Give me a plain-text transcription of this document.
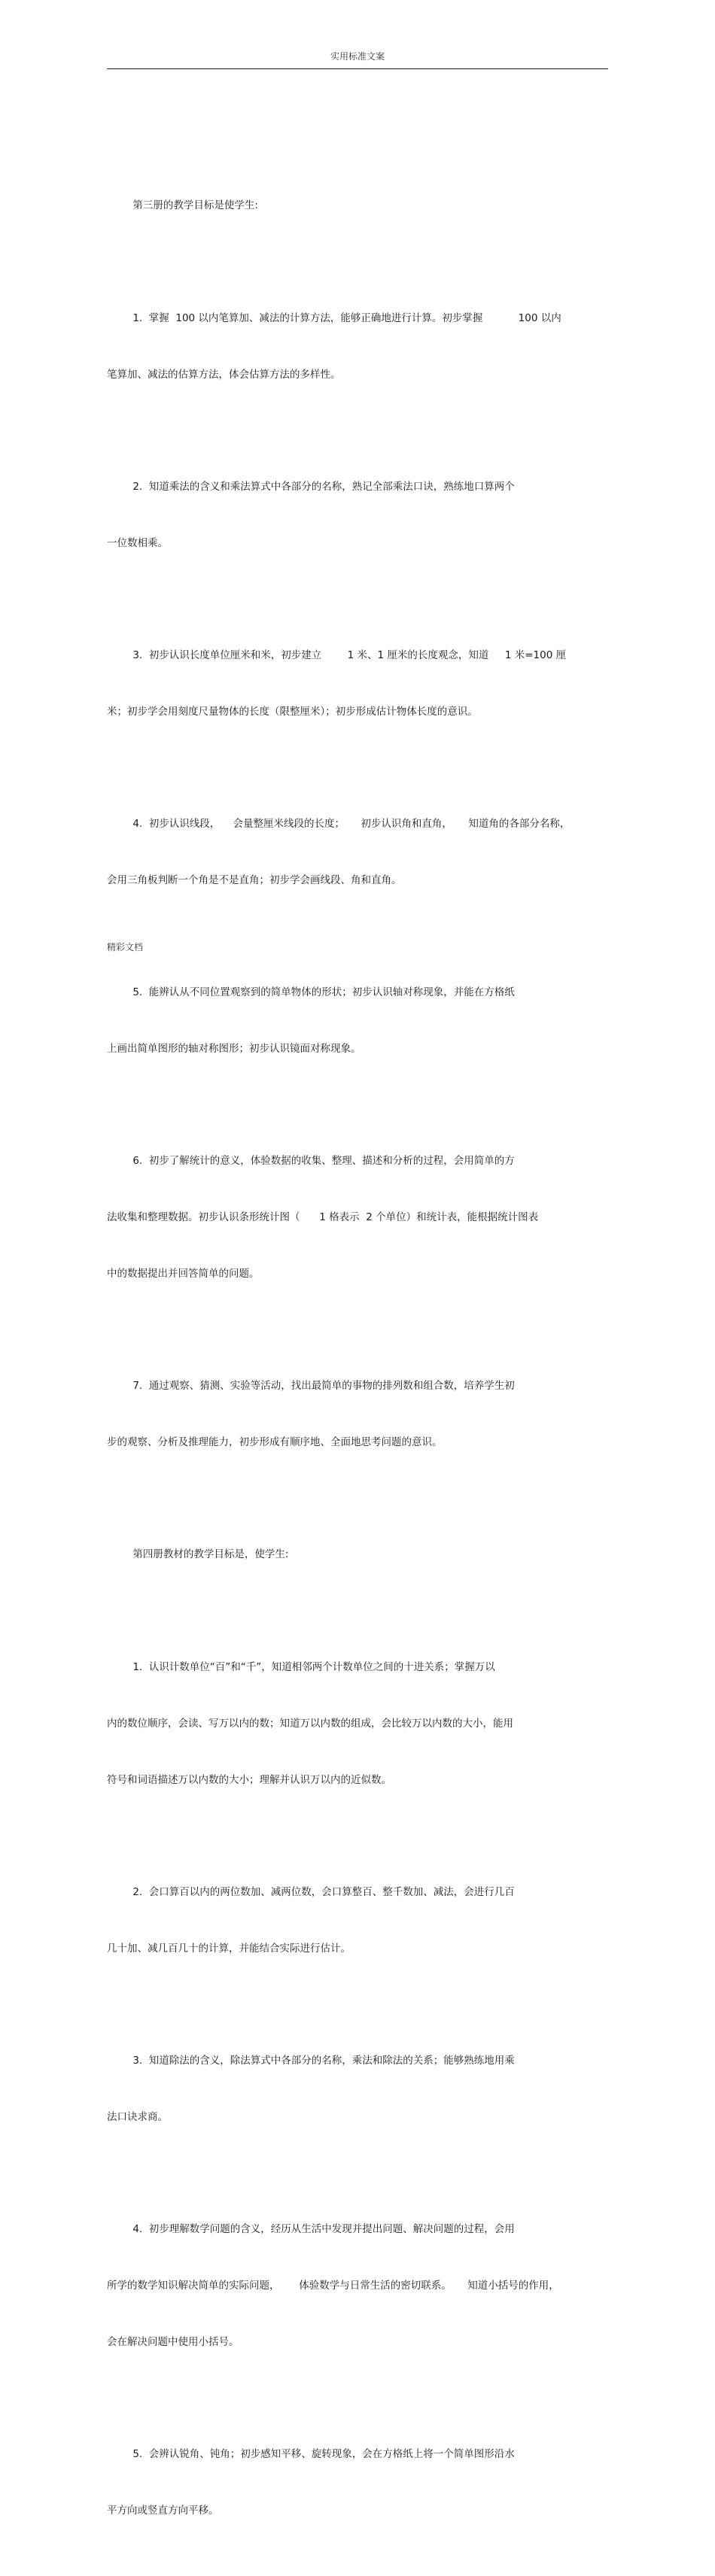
实用标准文案

第三册的教学目标是使学生:

1.  掌握  100 以内笔算加、减法的计算方法，能够正确地进行计算。初步掌握           100 以内

笔算加、减法的估算方法，体会估算方法的多样性。

2.  知道乘法的含义和乘法算式中各部分的名称，熟记全部乘法口诀，熟练地口算两个

一位数相乘。

3.  初步认识长度单位厘米和米，初步建立        1 米、1 厘米的长度观念，知道     1 米=100 厘

米；初步学会用刻度尺量物体的长度（限整厘米）；初步形成估计物体长度的意识。

4.  初步认识线段，    会量整厘米线段的长度；     初步认识角和直角，     知道角的各部分名称，

会用三角板判断一个角是不是直角；初步学会画线段、角和直角。

5.  能辨认从不同位置观察到的简单物体的形状；初步认识轴对称现象，并能在方格纸

上画出简单图形的轴对称图形；初步认识镜面对称现象。

6.  初步了解统计的意义，体验数据的收集、整理、描述和分析的过程，会用简单的方

法收集和整理数据。初步认识条形统计图（      1 格表示  2 个单位）和统计表，能根据统计图表

中的数据提出并回答简单的问题。

7.  通过观察、猜测、实验等活动，找出最简单的事物的排列数和组合数，培养学生初

步的观察、分析及推理能力，初步形成有顺序地、全面地思考问题的意识。

第四册教材的教学目标是，使学生:

1.  认识计数单位“百”和“千”，知道相邻两个计数单位之间的十进关系；掌握万以

内的数位顺序，会读、写万以内的数；知道万以内数的组成，会比较万以内数的大小，能用

符号和词语描述万以内数的大小；理解并认识万以内的近似数。

2.  会口算百以内的两位数加、减两位数，会口算整百、整千数加、减法，会进行几百

几十加、减几百几十的计算，并能结合实际进行估计。

3.  知道除法的含义，除法算式中各部分的名称，乘法和除法的关系；能够熟练地用乘

法口诀求商。

4.  初步理解数学问题的含义，经历从生活中发现并提出问题、解决问题的过程，会用

所学的数学知识解决简单的实际问题，      体验数学与日常生活的密切联系。     知道小括号的作用，

会在解决问题中使用小括号。

5.  会辨认锐角、钝角；初步感知平移、旋转现象，会在方格纸上将一个简单图形沿水

平方向或竖直方向平移。

精彩文档
